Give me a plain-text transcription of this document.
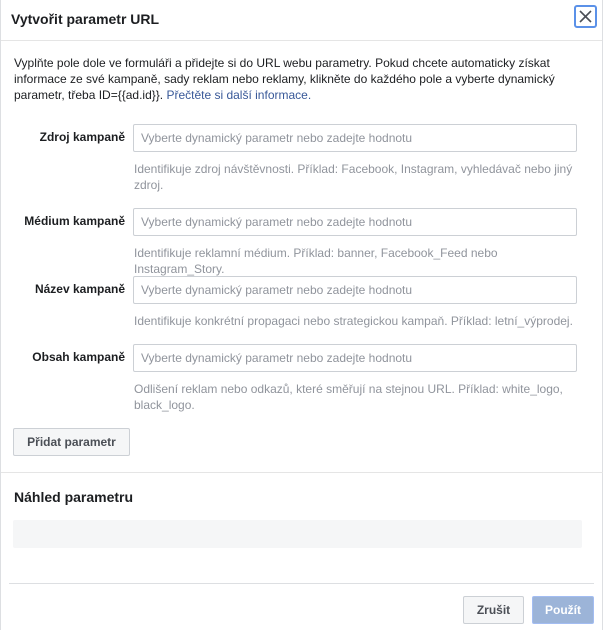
Vytvořit parametr URL
Vyplňte pole dole ve formuláři a přidejte si do URL webu parametry. Pokud chcete automaticky získat informace ze své kampaně, sady reklam nebo reklamy, klikněte do každého pole a vyberte dynamický parametr, třeba ID={{ad.id}}. Přečtěte si další informace.
Zdroj kampaně
Vyberte dynamický parametr nebo zadejte hodnotu
Identifikuje zdroj návštěvnosti. Příklad: Facebook, Instagram, vyhledávač nebo jiný zdroj.
Médium kampaně
Vyberte dynamický parametr nebo zadejte hodnotu
Identifikuje reklamní médium. Příklad: banner, Facebook_Feed nebo Instagram_Story.
Název kampaně
Vyberte dynamický parametr nebo zadejte hodnotu
Identifikuje konkrétní propagaci nebo strategickou kampaň. Příklad: letní_výprodej.
Obsah kampaně
Vyberte dynamický parametr nebo zadejte hodnotu
Odlišení reklam nebo odkazů, které směřují na stejnou URL. Příklad: white_logo, black_logo.
Přidat parametr
Náhled parametru
Zrušit	Použít
